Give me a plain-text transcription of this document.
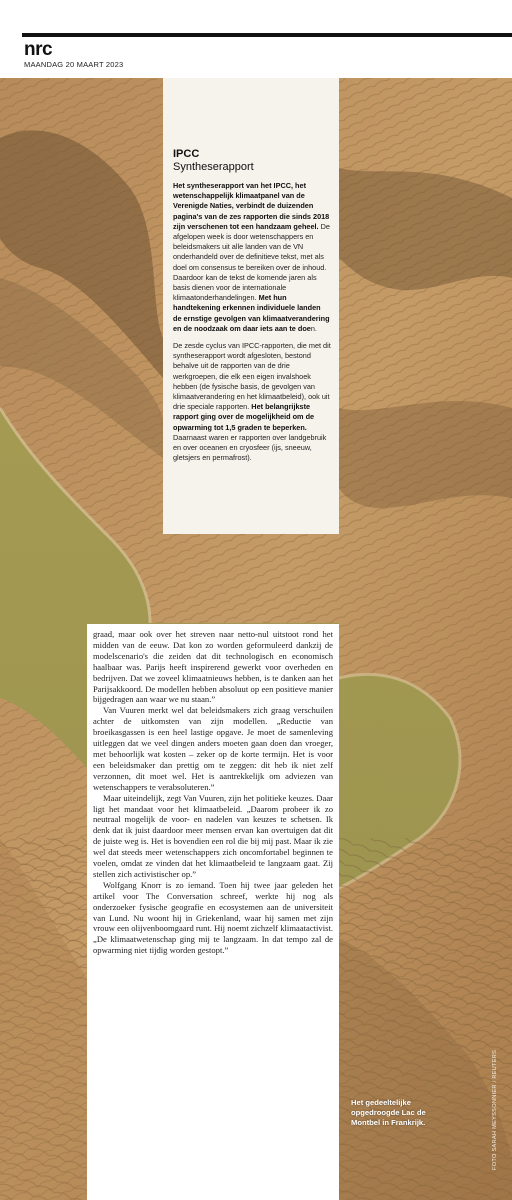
nrc
MAANDAG 20 MAART 2023
IPCC
Syntheserapport

Het syntheserapport van het IPCC, het wetenschappelijk klimaatpanel van de Verenigde Naties, verbindt de duizenden pagina's van de zes rapporten die sinds 2018 zijn verschenen tot een handzaam geheel. De afgelopen week is door wetenschappers en beleidsmakers uit alle landen van de VN onderhandeld over de definitieve tekst, met als doel om consensus te bereiken over de inhoud. Daardoor kan de tekst de komende jaren als basis dienen voor de internationale klimaatonderhandelingen. Met hun handtekening erkennen individuele landen de ernstige gevolgen van klimaatverandering en de noodzaak om daar iets aan te doen.

De zesde cyclus van IPCC-rapporten, die met dit syntheserapport wordt afgesloten, bestond behalve uit de rapporten van de drie werkgroepen, die elk een eigen invalshoek hebben (de fysische basis, de gevolgen van klimaatverandering en het klimaatbeleid), ook uit drie speciale rapporten. Het belangrijkste rapport ging over de mogelijkheid om de opwarming tot 1,5 graden te beperken. Daarnaast waren er rapporten over landgebruik en over oceanen en cryosfeer (ijs, sneeuw, gletsjers en permafrost).

graad, maar ook over het streven naar netto-nul uitstoot rond het midden van de eeuw. Dat kon zo worden geformuleerd dankzij de modelscenario's die zeiden dat dit technologisch en economisch haalbaar was. Parijs heeft inspirerend gewerkt voor overheden en bedrijven. Dat we zoveel klimaatnieuws hebben, is te danken aan het Parijsakkoord. De modellen hebben absoluut op een positieve manier bijgedragen aan waar we nu staan.”

Van Vuuren merkt wel dat beleidsmakers zich graag verschuilen achter de uitkomsten van zijn modellen. „Reductie van broeikasgassen is een heel lastige opgave. Je moet de samenleving uitleggen dat we veel dingen anders moeten gaan doen dan vroeger, met behoorlijk wat kosten – zeker op de korte termijn. Het is voor een beleidsmaker dan prettig om te zeggen: dit heb ik niet zelf verzonnen, dit moet wel. Het is aantrekkelijk om adviezen van wetenschappers te verabsoluteren.”

Maar uiteindelijk, zegt Van Vuuren, zijn het politieke keuzes. Daar ligt het mandaat voor het klimaatbeleid. „Daarom probeer ik zo neutraal mogelijk de voor- en nadelen van keuzes te schetsen. Ik denk dat ik juist daardoor meer mensen ervan kan overtuigen dat dit de juiste weg is. Het is bovendien een rol die bij mij past. Maar ik zie wel dat steeds meer wetenschappers zich oncomfortabel beginnen te voelen, omdat ze vinden dat het klimaatbeleid te langzaam gaat. Zij stellen zich activistischer op.”

Wolfgang Knorr is zo iemand. Toen hij twee jaar geleden het artikel voor The Conversation schreef, werkte hij nog als onderzoeker fysische geografie en ecosystemen aan de universiteit van Lund. Nu woont hij in Griekenland, waar hij samen met zijn vrouw een olijvenboomgaard runt. Hij noemt zichzelf klimaatactivist. „De klimaatwetenschap ging mij te langzaam. In dat tempo zal de opwarming niet tijdig worden gestopt.”

Het gedeeltelijke opgedroogde Lac de Montbel in Frankrijk.	FOTO SARAH MEYSSONNIER / REUTERS
